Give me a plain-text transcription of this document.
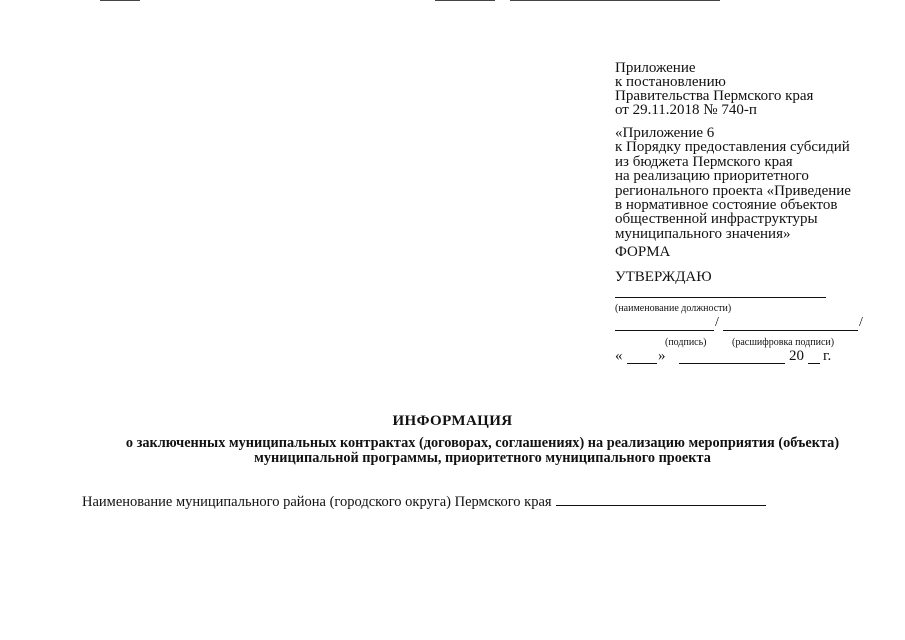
Приложение
к постановлению
Правительства Пермского края
от 29.11.2018 № 740-п
«Приложение 6
к Порядку предоставления субсидий
из бюджета Пермского края
на реализацию приоритетного
регионального проекта «Приведение
в нормативное состояние объектов
общественной инфраструктуры
муниципального значения»
ФОРМА
УТВЕРЖДАЮ
(наименование должности)
/	/
(подпись)	(расшифровка подписи)
« »	20 г.
ИНФОРМАЦИЯ
о заключенных муниципальных контрактах (договорах, соглашениях) на реализацию мероприятия (объекта)
муниципальной программы, приоритетного муниципального проекта
Наименование муниципального района (городского округа) Пермского края
